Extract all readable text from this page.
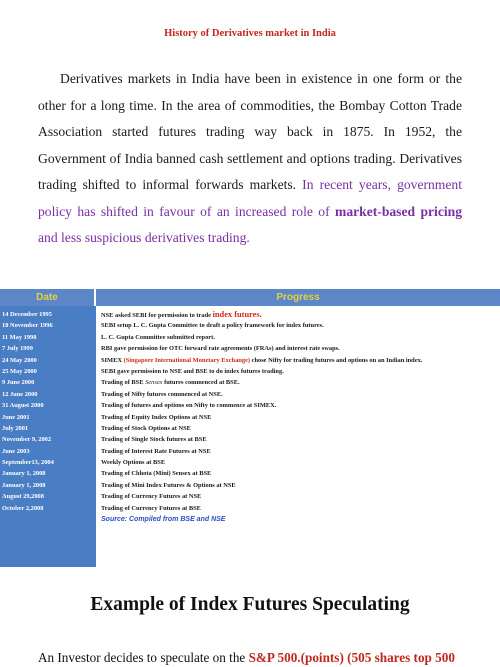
History of Derivatives market in India

Derivatives markets in India have been in existence in one form or the other for a long time. In the area of commodities, the Bombay Cotton Trade Association started futures trading way back in 1875. In 1952, the Government of India banned cash settlement and options trading. Derivatives trading shifted to informal forwards markets. In recent years, government policy has shifted in favour of an increased role of market-based pricing and less suspicious derivatives trading.

Date	Progress
14 December 1995
18 November 1996
11 May 1998
7 July 1999
24 May 2000
25 May 2000
9 June 2000
12 June 2000
31 August 2000
June 2001
July 2001
November 9, 2002
June 2003
September13, 2004
January 1, 2008
January 1, 2008
August 29,2008
October 2,2008
NSE asked SEBI for permission to trade index futures.
SEBI setup L. C. Gupta Committee to draft a policy framework for index futures.
L. C. Gupta Committee submitted report.
RBI gave permission for OTC forward rate agreements (FRAs) and interest rate swaps.
SIMEX (Singapore International Monetary Exchange) chose Nifty for trading futures and options on an Indian index.
SEBI gave permission to NSE and BSE to do index futures trading.
Trading of BSE Sensex futures commenced at BSE.
Trading of Nifty futures commenced at NSE.
Trading of futures and options on Nifty to commence at SIMEX.
Trading of Equity Index Options at NSE
Trading of Stock Options at NSE
Trading of Single Stock futures at BSE
Trading of Interest Rate Futures at NSE
Weekly Options at BSE
Trading of Chhota (Mini) Sensex at BSE
Trading of Mini Index Futures & Options at NSE
Trading of Currency Futures at NSE
Trading of Currency Futures at BSE
Source: Compiled from BSE and NSE
Example of Index Futures Speculating
An Investor decides to speculate on the S&P 500.(points) (505 shares top 500
